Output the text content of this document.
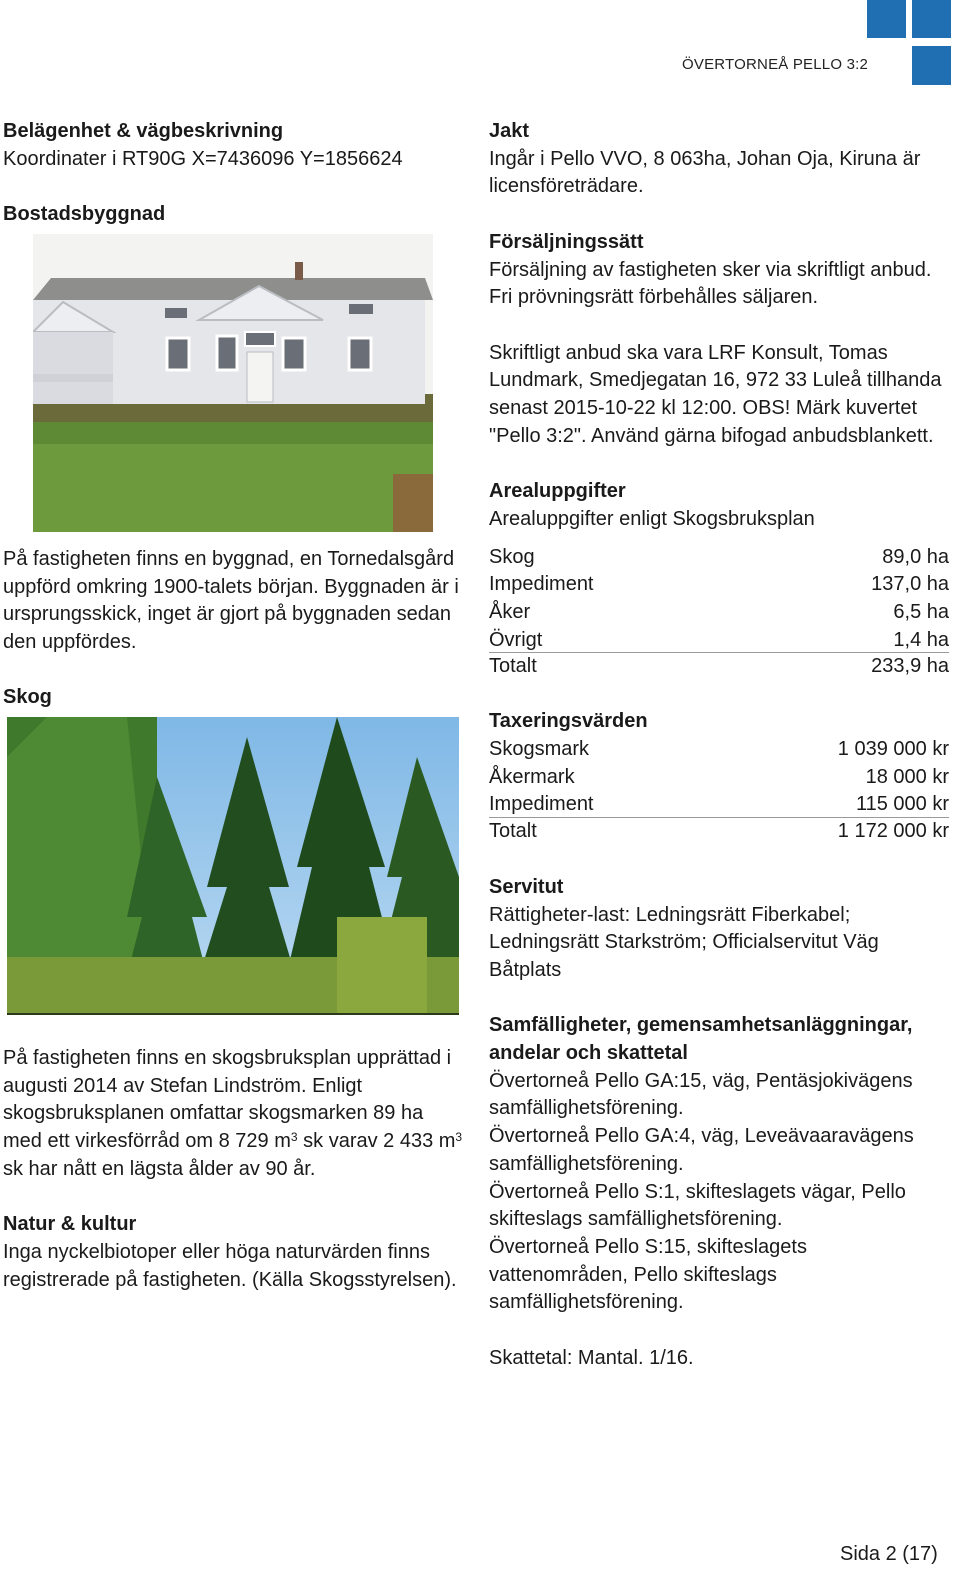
ÖVERTORNEÅ PELLO 3:2
Belägenhet & vägbeskrivning
Koordinater i RT90G X=7436096 Y=1856624
Bostadsbyggnad
På fastigheten finns en byggnad, en Tornedalsgård uppförd omkring 1900-talets början. Byggnaden är i ursprungsskick, inget är gjort på byggnaden sedan den uppfördes.
Skog
På fastigheten finns en skogsbruksplan upprättad i augusti 2014 av Stefan Lindström. Enligt skogsbruksplanen omfattar skogsmarken 89 ha med ett virkesförråd om 8 729 $m^3$ sk varav 2 433 $m^3$ sk har nått en lägsta ålder av 90 år.
Natur & kultur
Inga nyckelbiotoper eller höga naturvärden finns registrerade på fastigheten. (Källa Skogsstyrelsen).
Jakt
Ingår i Pello VVO, 8 063ha, Johan Oja, Kiruna är licensföreträdare.
Försäljningssätt
Försäljning av fastigheten sker via skriftligt anbud. Fri prövningsrätt förbehålles säljaren.
Skriftligt anbud ska vara LRF Konsult, Tomas Lundmark, Smedjegatan 16, 972 33 Luleå tillhanda senast 2015-10-22 kl 12:00. OBS! Märk kuvertet "Pello 3:2". Använd gärna bifogad anbudsblankett.
Arealuppgifter
Arealuppgifter enligt Skogsbruksplan
Skog	89,0 ha
Impediment	137,0 ha
Åker	6,5 ha
Övrigt	1,4 ha
Totalt	233,9 ha
Taxeringsvärden
Skogsmark	1 039 000 kr
Åkermark	18 000 kr
Impediment	115 000 kr
Totalt	1 172 000 kr
Servitut
Rättigheter-last: Ledningsrätt Fiberkabel; Ledningsrätt Starkström; Officialservitut Väg Båtplats
Samfälligheter, gemensamhetsanläggningar, andelar och skattetal
Övertorneå Pello GA:15, väg, Pentäsjokivägens samfällighetsförening.
Övertorneå Pello GA:4, väg, Leveävaaravägens samfällighetsförening.
Övertorneå Pello S:1, skifteslagets vägar, Pello skifteslags samfällighetsförening.
Övertorneå Pello S:15, skifteslagets vattenområden, Pello skifteslags samfällighetsförening.
Skattetal: Mantal. 1/16.
Sida 2 (17)
